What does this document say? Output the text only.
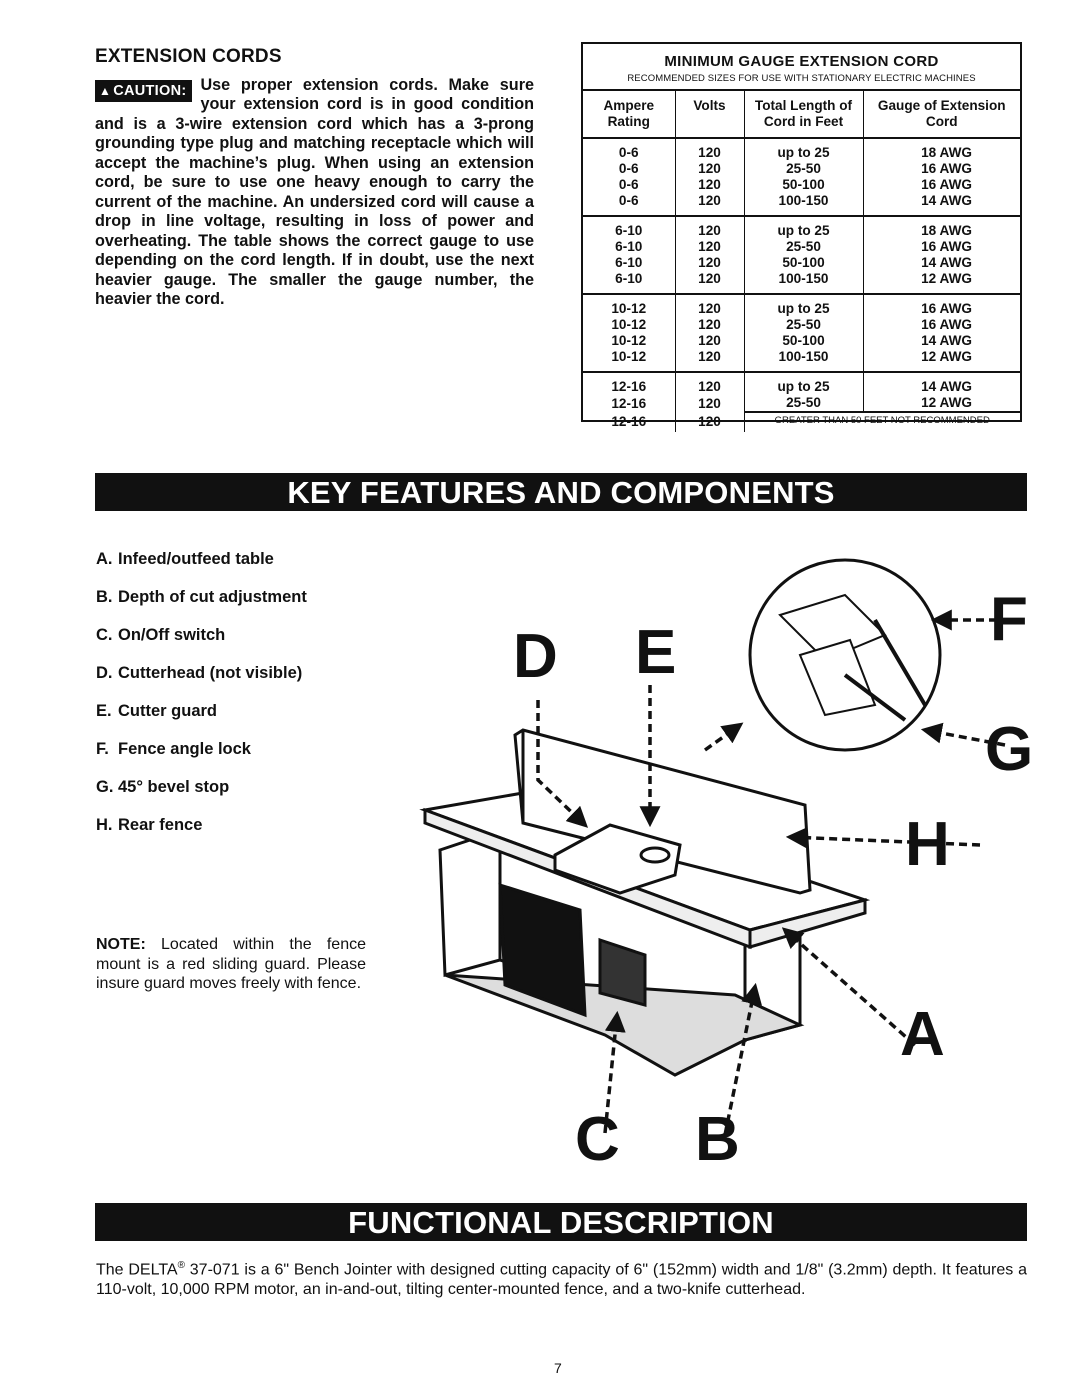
EXTENSION CORDS
▲ CAUTION: Use proper extension cords. Make sure your extension cord is in good condition and is a 3-wire extension cord which has a 3-prong grounding type plug and matching receptacle which will accept the machine’s plug. When using an extension cord, be sure to use one heavy enough to carry the current of the machine. An undersized cord will cause a drop in line voltage, resulting in loss of power and overheating. The table shows the correct gauge to use depending on the cord length. If in doubt, use the next heavier gauge. The smaller the gauge number, the heavier the cord.
MINIMUM GAUGE EXTENSION CORD
RECOMMENDED SIZES FOR USE WITH STATIONARY ELECTRIC MACHINES
Ampere Rating	Volts	Total Length of Cord in Feet	Gauge of Extension Cord
0-6	120	up to 25	18 AWG
0-6	120	25-50	16 AWG
0-6	120	50-100	16 AWG
0-6	120	100-150	14 AWG
6-10	120	up to 25	18 AWG
6-10	120	25-50	16 AWG
6-10	120	50-100	14 AWG
6-10	120	100-150	12 AWG
10-12	120	up to 25	16 AWG
10-12	120	25-50	16 AWG
10-12	120	50-100	14 AWG
10-12	120	100-150	12 AWG
12-16	120	up to 25	14 AWG
12-16	120	25-50	12 AWG
12-16	120	GREATER THAN 50 FEET NOT RECOMMENDED	
KEY FEATURES AND COMPONENTS
A. Infeed/outfeed table
B. Depth of cut adjustment
C. On/Off switch
D. Cutterhead (not visible)
E. Cutter guard
F. Fence angle lock
G. 45° bevel stop
H. Rear fence
NOTE: Located within the fence mount is a red sliding guard. Please insure guard moves freely with fence.
D E	F
G
H
A
C B
FUNCTIONAL DESCRIPTION
The DELTA® 37-071 is a 6" Bench Jointer with designed cutting capacity of 6" (152mm) width and 1/8" (3.2mm) depth. It features a 110-volt, 10,000 RPM motor, an in-and-out, tilting center-mounted fence, and a two-knife cutterhead.
7
